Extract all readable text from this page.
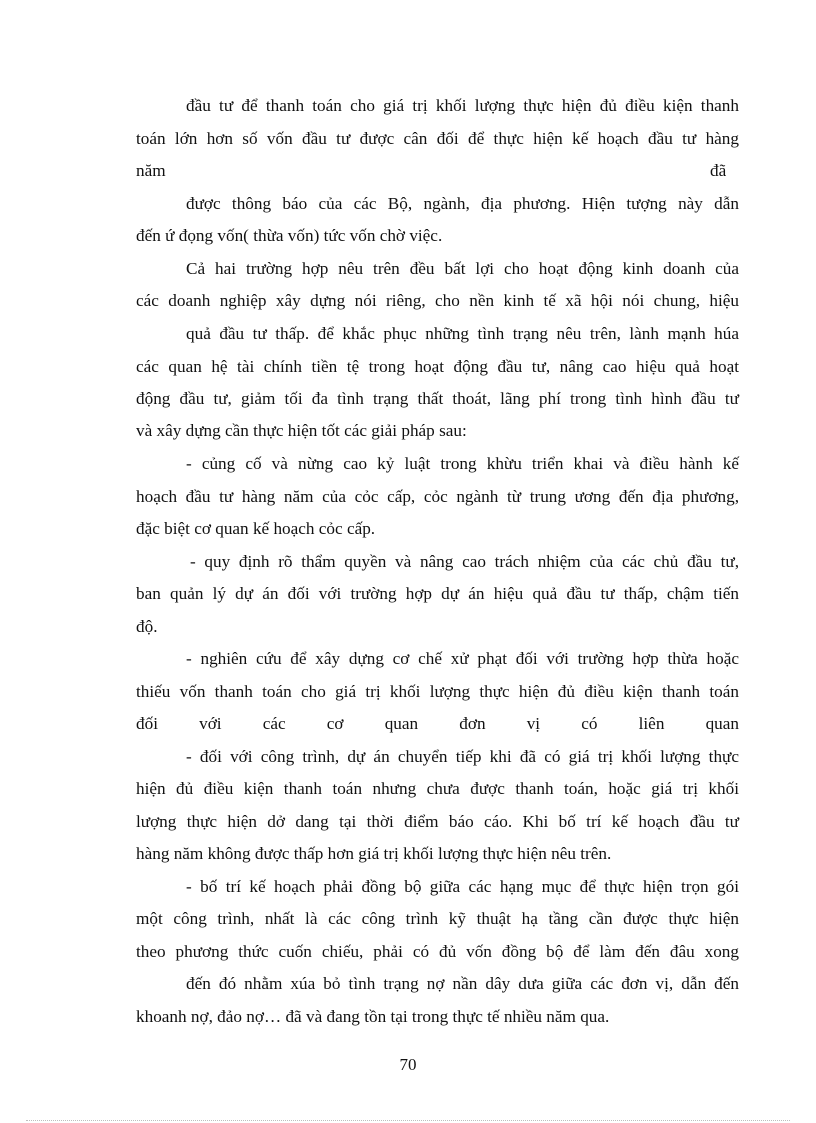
đầu tư để thanh toán cho giá trị khối lượng thực hiện đủ điều kiện thanh
toán lớn hơn số vốn đầu tư được cân đối để thực hiện kế hoạch đầu tư hàng
năm	đã
được thông báo của các Bộ, ngành, địa phương. Hiện tượng này dẫn
đến ứ đọng vốn( thừa vốn) tức vốn chờ việc.
Cả hai trường hợp nêu trên đều bất lợi cho hoạt động kinh doanh của
các doanh nghiệp xây dựng nói riêng, cho nền kinh tế xã hội nói chung, hiệu
quả đầu tư thấp. để khắc phục những tình trạng nêu trên, lành mạnh húa
các quan hệ tài chính tiền tệ trong hoạt động đầu tư, nâng cao hiệu quả hoạt
động đầu tư, giảm tối đa tình trạng thất thoát, lãng phí trong tình hình đầu tư
và xây dựng cần thực hiện tốt các giải pháp sau:
- củng cố và nừng cao kỷ luật trong khừu triển khai và điều hành kế
hoạch đầu tư hàng năm của cỏc cấp, cỏc ngành từ trung ương đến địa phương,
đặc biệt cơ quan kế hoạch cỏc cấp.
- quy định rõ thẩm quyền và nâng cao trách nhiệm của các chủ đầu tư,
ban quản lý dự án đối với trường hợp dự án hiệu quả đầu tư thấp, chậm tiến
độ.
- nghiên cứu để xây dựng cơ chế xử phạt đối với trường hợp thừa hoặc
thiếu vốn thanh toán cho giá trị khối lượng thực hiện đủ điều kiện thanh toán
đối với các cơ quan đơn vị có liên quan
- đối với công trình, dự án chuyển tiếp khi đã có giá trị khối lượng thực
hiện đủ điều kiện thanh toán nhưng chưa được thanh toán, hoặc giá trị khối
lượng thực hiện dở dang tại thời điểm báo cáo. Khi bố trí kế hoạch đầu tư
hàng năm không được thấp hơn giá trị khối lượng thực hiện nêu trên.
- bố trí kế hoạch phải đồng bộ giữa các hạng mục để thực hiện trọn gói
một công trình, nhất là các công trình kỹ thuật hạ tầng cần được thực hiện
theo phương thức cuốn chiếu, phải có đủ vốn đồng bộ để làm đến đâu xong
đến đó nhằm xúa bỏ tình trạng nợ nần dây dưa giữa các đơn vị, dẫn đến
khoanh nợ, đảo nợ… đã và đang tồn tại trong thực tế nhiều năm qua.
70
